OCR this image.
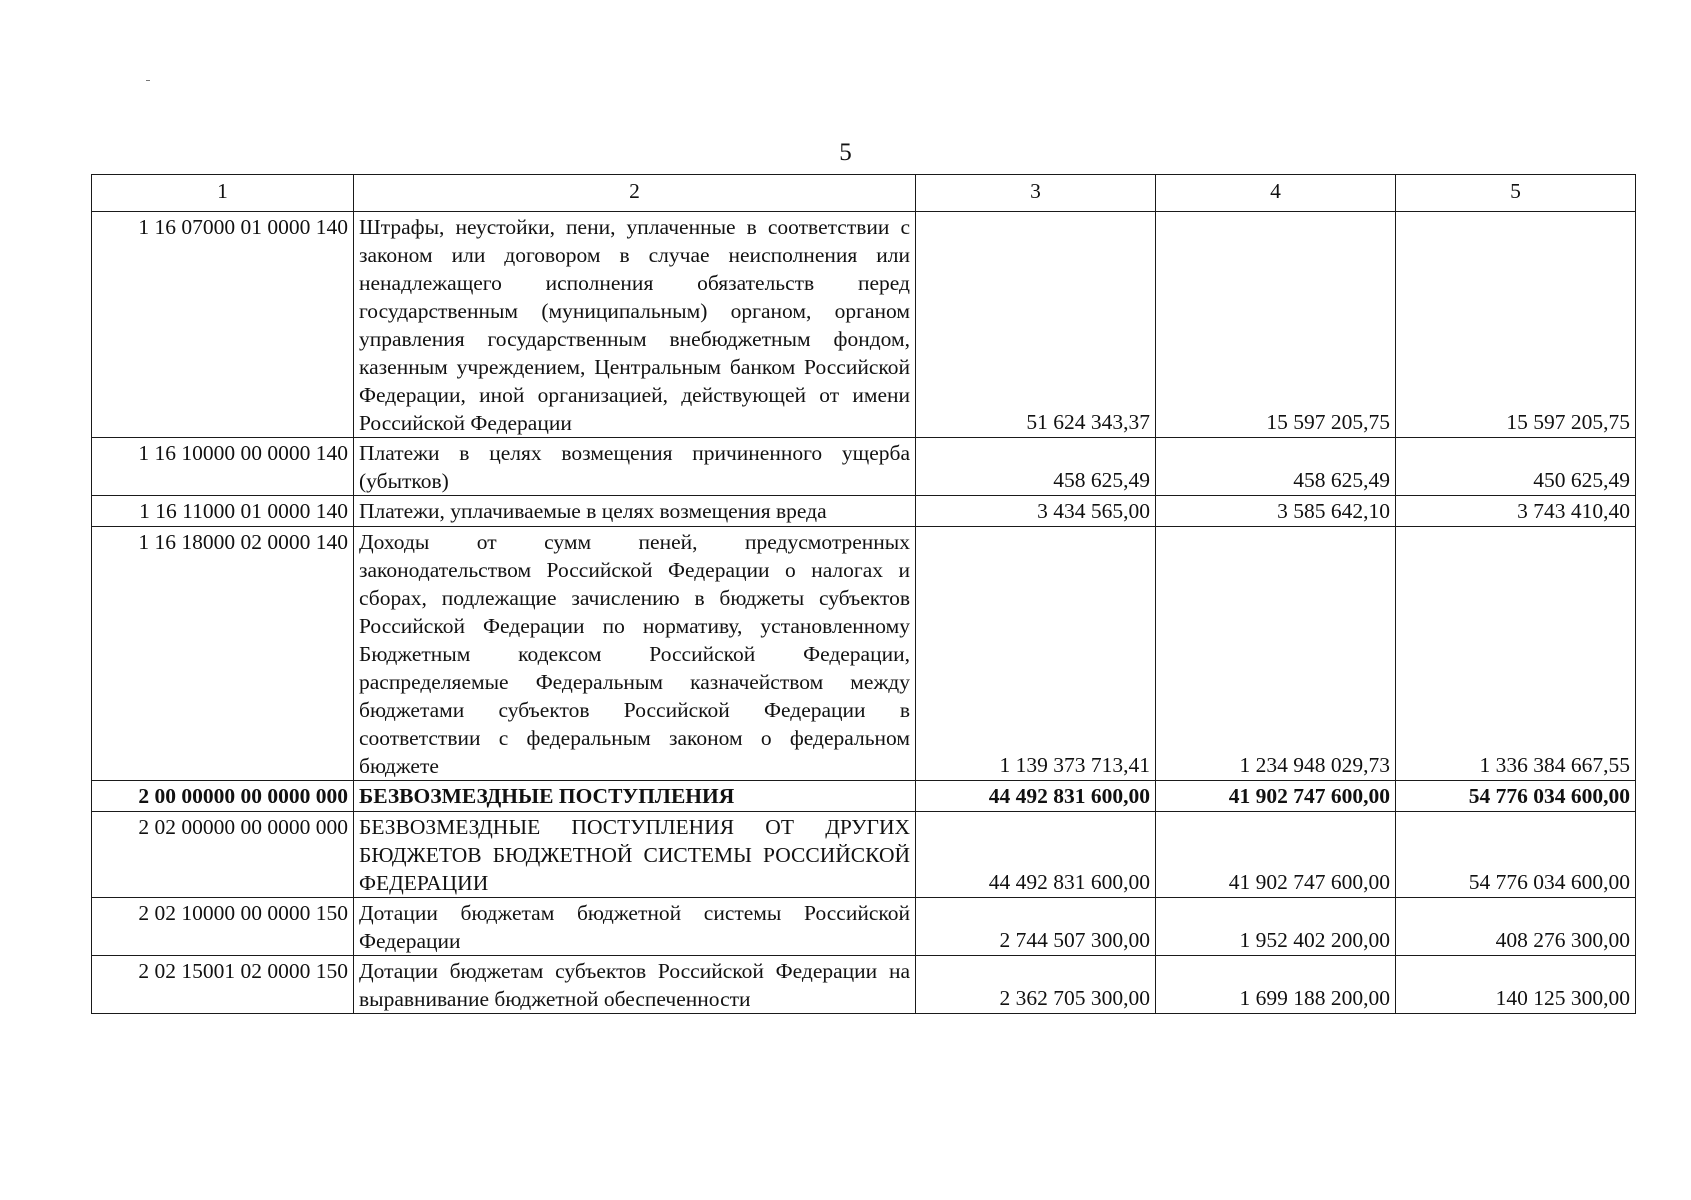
5
1	2	3	4	5
1 16 07000 01 0000 140	Штрафы, неустойки, пени, уплаченные в соответствии с законом или договором в случае неисполнения или ненадлежащего исполнения обязательств перед государственным (муниципальным) органом, органом управления государственным внебюджетным фондом, казенным учреждением, Центральным банком Российской Федерации, иной организацией, действующей от имени Российской Федерации	51 624 343,37	15 597 205,75	15 597 205,75
1 16 10000 00 0000 140	Платежи в целях возмещения причиненного ущерба (убытков)	458 625,49	458 625,49	450 625,49
1 16 11000 01 0000 140	Платежи, уплачиваемые в целях возмещения вреда	3 434 565,00	3 585 642,10	3 743 410,40
1 16 18000 02 0000 140	Доходы от сумм пеней, предусмотренных законодательством Российской Федерации о налогах и сборах, подлежащие зачислению в бюджеты субъектов Российской Федерации по нормативу, установленному Бюджетным кодексом Российской Федерации, распределяемые Федеральным казначейством между бюджетами субъектов Российской Федерации в соответствии с федеральным законом о федеральном бюджете	1 139 373 713,41	1 234 948 029,73	1 336 384 667,55
2 00 00000 00 0000 000	БЕЗВОЗМЕЗДНЫЕ ПОСТУПЛЕНИЯ	44 492 831 600,00	41 902 747 600,00	54 776 034 600,00
2 02 00000 00 0000 000	БЕЗВОЗМЕЗДНЫЕ ПОСТУПЛЕНИЯ ОТ ДРУГИХ БЮДЖЕТОВ БЮДЖЕТНОЙ СИСТЕМЫ РОССИЙСКОЙ ФЕДЕРАЦИИ	44 492 831 600,00	41 902 747 600,00	54 776 034 600,00
2 02 10000 00 0000 150	Дотации бюджетам бюджетной системы Российской Федерации	2 744 507 300,00	1 952 402 200,00	408 276 300,00
2 02 15001 02 0000 150	Дотации бюджетам субъектов Российской Федерации на выравнивание бюджетной обеспеченности	2 362 705 300,00	1 699 188 200,00	140 125 300,00
